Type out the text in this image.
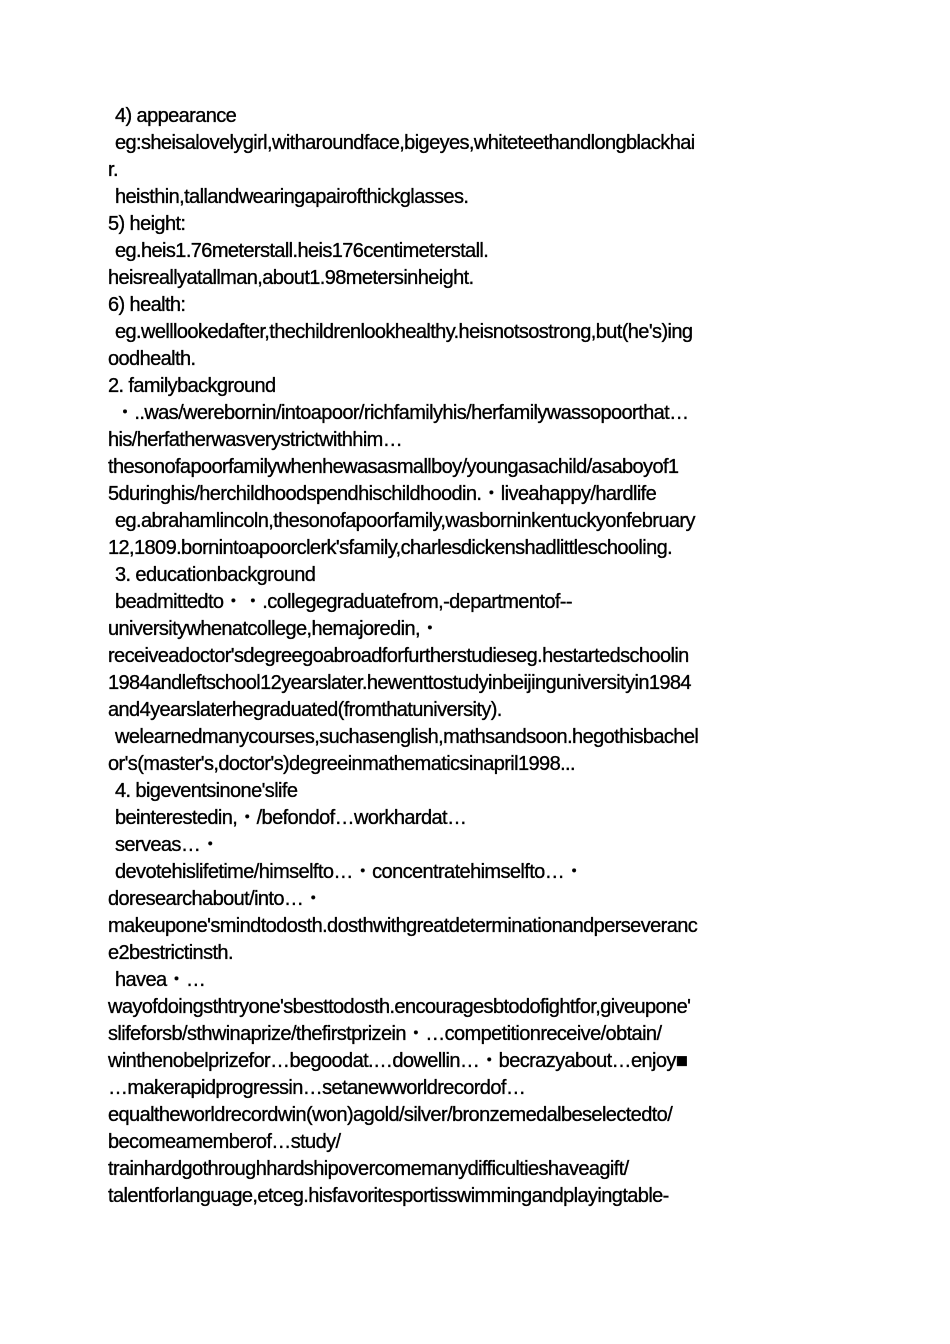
4) appearance
eg:sheisalovelygirl,witharoundface,bigeyes,whiteteethandlongblackhai
r.
heisthin,tallandwearingapairofthickglasses.
5) height:
eg.heis1.76meterstall.heis176centimeterstall.
heisreallyatallman,about1.98metersinheight.
6) health:
eg.welllookedafter,thechildrenlookhealthy.heisnotsostrong,but(he's)ing
oodhealth.
2. familybackground
・..was/werebornin/intoapoor/richfamilyhis/herfamilywassopoorthat…
his/herfatherwasverystrictwithhim…
thesonofapoorfamilywhenhewasasmallboy/youngasachild/asaboyof1
5duringhis/herchildhoodspendhischildhoodin.・liveahappy/hardlife
eg.abrahamlincoln,thesonofapoorfamily,wasborninkentuckyonfebruary
12,1809.bornintoapoorclerk'sfamily,charlesdickenshadlittleschooling.
3. educationbackground
beadmittedto・・.collegegraduatefrom,-departmentof--
universitywhenatcollege,hemajoredin,・
receiveadoctor'sdegreegoabroadforfurtherstudieseg.hestartedschoolin
1984andleftschool12yearslater.hewenttostudyinbeijinguniversityin1984
and4yearslaterhegraduated(fromthatuniversity).
welearnedmanycourses,suchasenglish,mathsandsoon.hegothisbachel
or's(master's,doctor's)degreeinmathematicsinapril1998...
4. bigeventsinone'slife
beinterestedin,・/befondof…workhardat…
serveas…・
devotehislifetime/himselfto…・concentratehimselfto…・
doresearchabout/into…・
makeupone'smindtodosth.dosthwithgreatdeterminationandperseveranc
e2bestrictinsth.
havea・…
wayofdoingsthtryone'sbesttodosth.encouragesbtodofightfor,giveupone'
slifeforsb/sthwinaprize/thefirstprizein・…competitionreceive/obtain/
winthenobelprizefor…begoodat.…dowellin…・becrazyabout…enjoy■
…makerapidprogressin…setanewworldrecordof…
equaltheworldrecordwin(won)agold/silver/bronzemedalbeselectedto/
becomeamemberof…study/
trainhardgothroughhardshipovercomemanydifficultieshaveagift/
talentforlanguage,etceg.hisfavoritesportisswimmingandplayingtable-
